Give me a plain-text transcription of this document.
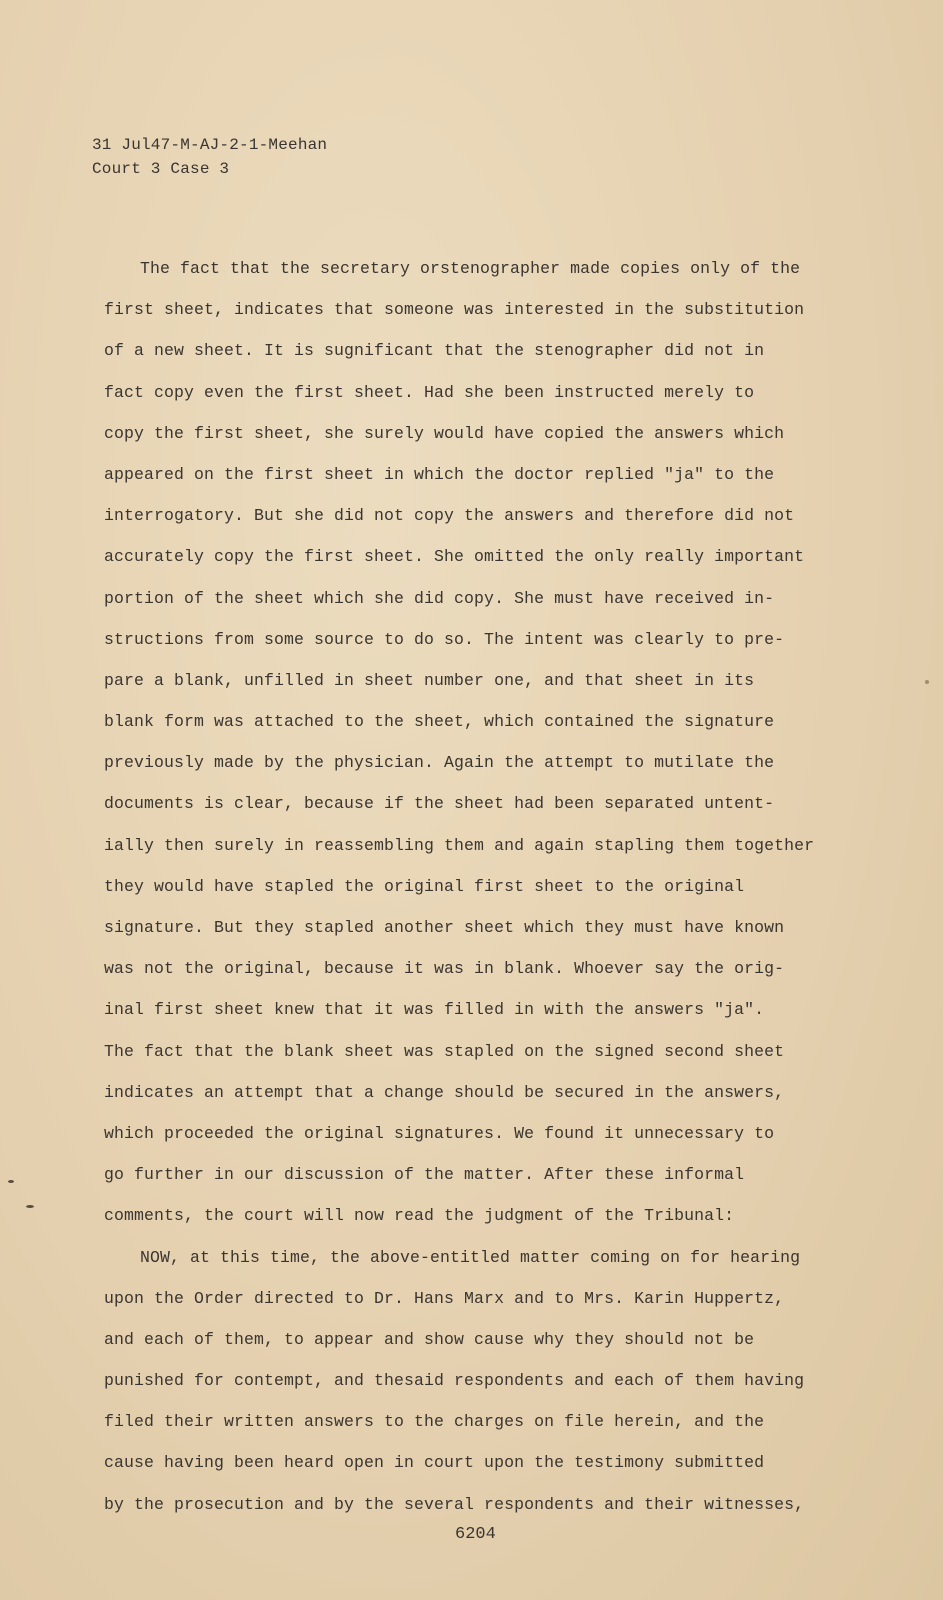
31 Jul47-M-AJ-2-1-Meehan
Court 3 Case 3
The fact that the secretary orstenographer made copies only of the
first sheet, indicates that someone was interested in the substitution
of a new sheet. It is sugnificant that the stenographer did not in
fact copy even the first sheet. Had she been instructed merely to
copy the first sheet, she surely would have copied the answers which
appeared on the first sheet in which the doctor replied "ja" to the
interrogatory. But she did not copy the answers and therefore did not
accurately copy the first sheet. She omitted the only really important
portion of the sheet which she did copy. She must have received in-
structions from some source to do so. The intent was clearly to pre-
pare a blank, unfilled in sheet number one, and that sheet in its
blank form was attached to the sheet, which contained the signature
previously made by the physician. Again the attempt to mutilate the
documents is clear, because if the sheet had been separated untent-
ially then surely in reassembling them and again stapling them together
they would have stapled the original first sheet to the original
signature. But they stapled another sheet which they must have known
was not the original, because it was in blank. Whoever say the orig-
inal first sheet knew that it was filled in with the answers "ja".
The fact that the blank sheet was stapled on the signed second sheet
indicates an attempt that a change should be secured in the answers,
which proceeded the original signatures. We found it unnecessary to
go further in our discussion of the matter. After these informal
comments, the court will now read the judgment of the Tribunal:
NOW, at this time, the above-entitled matter coming on for hearing
upon the Order directed to Dr. Hans Marx and to Mrs. Karin Huppertz,
and each of them, to appear and show cause why they should not be
punished for contempt, and thesaid respondents and each of them having
filed their written answers to the charges on file herein, and the
cause having been heard open in court upon the testimony submitted
by the prosecution and by the several respondents and their witnesses,
6204
